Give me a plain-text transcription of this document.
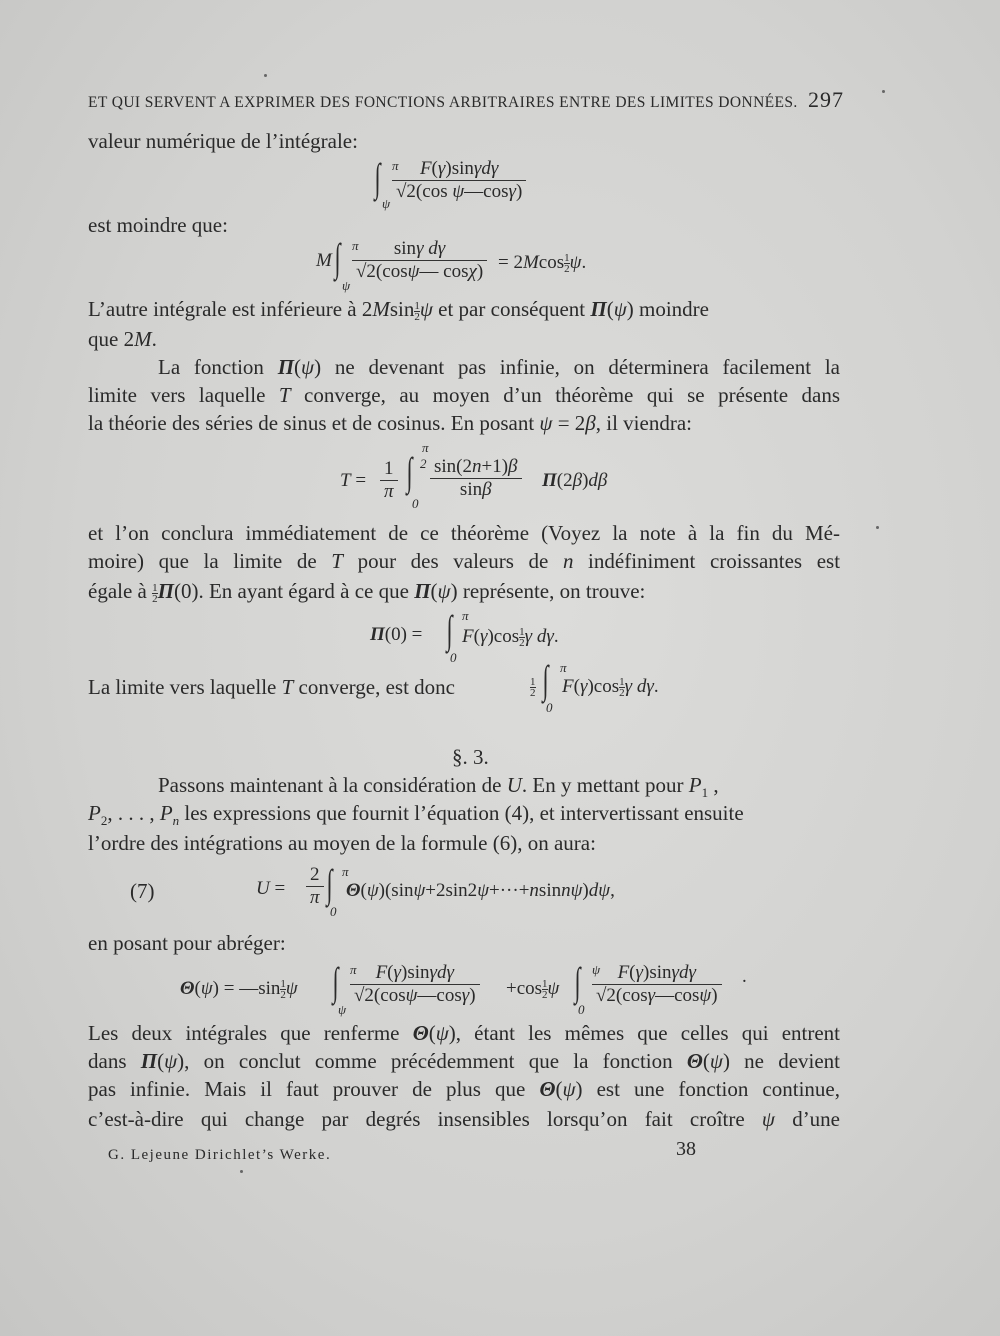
ET QUI SERVENT A EXPRIMER DES FONCTIONS ARBITRAIRES ENTRE DES LIMITES DONNÉES. 297
valeur numérique de l’intégrale:
∫ π
ψ
$\frac{\text{F(γ)sinγdγ}}{\text{√2(cos ψ—cosγ)}}$
est moindre que:
M ∫ π
ψ
$\frac{\text{sinγ dγ}}{√2(\cos\psi— \cos\chi)} = 2Mcos \frac{1}{2} \psi$.
L’autre intégrale est inférieure à $2Msin \frac{1}{2}$ ψ et par conséquent Π(ψ) moindre
que 2M.
La fonction Π(ψ) ne devenant pas infinie, on déterminera facilement la
limite vers laquelle T converge, au moyen d’un théorème qui se présente dans
la théorie des séries de sinus et de cosinus. En posant ψ = 2β, il viendra:
$T = \frac{1}{\pi}$ ∫
π
2
0
$\frac{\sin(2n+1)\beta}{\sin\beta} \Pi(2\beta)d\beta$
et l’on conclura immédiatement de ce théorème (Voyez la note à la fin du Mé-
moire) que la limite de T pour des valeurs de n indéfiniment croissantes est
égale à $\frac{1}{2} \Pi(0)$. En ayant égard à ce que Π(ψ) représente, on trouve:
Π(0) = ∫ π
0
$F(\gamma)\cos \frac{1}{2}$ γ dγ.
La limite vers laquelle T converge, est donc	$\frac{1}{2}$ ∫ π
0
$F(\gamma)\cos \frac{1}{2}$ γ dγ.
§. 3.
Passons maintenant à la considération de U. En y mettant pour $P_1$ ,
$P_2$, . . . , $P_n$ les expressions que fournit l’équation (4), et intervertissant ensuite
l’ordre des intégrations au moyen de la formule (6), on aura:
(7)	$U = \frac{2}{\pi}$ ∫ π
0
Θ(ψ)(sinψ+2sin2ψ+···+nsinnψ)dψ,
en posant pour abréger:
Θ(ψ) = —sin $\frac{1}{2}$ ψ ∫ π
ψ
$\frac{\text{F(γ)sinγdγ}}{√2(\cos\psi—\cos\gamma)} +\cos \frac{1}{2}$ ψ ∫ ψ
0
$\frac{\text{F(γ)sinγdγ}}{√2(\cos\gamma—\cos\psi)}$ .
Les deux intégrales que renferme Θ(ψ), étant les mêmes que celles qui entrent
dans Π(ψ), on conclut comme précédemment que la fonction Θ(ψ) ne devient
pas infinie. Mais il faut prouver de plus que Θ(ψ) est une fonction continue,
c’est-à-dire qui change par degrés insensibles lorsqu’on fait croître ψ d’une
G. Lejeune Dirichlet’s Werke.	38
